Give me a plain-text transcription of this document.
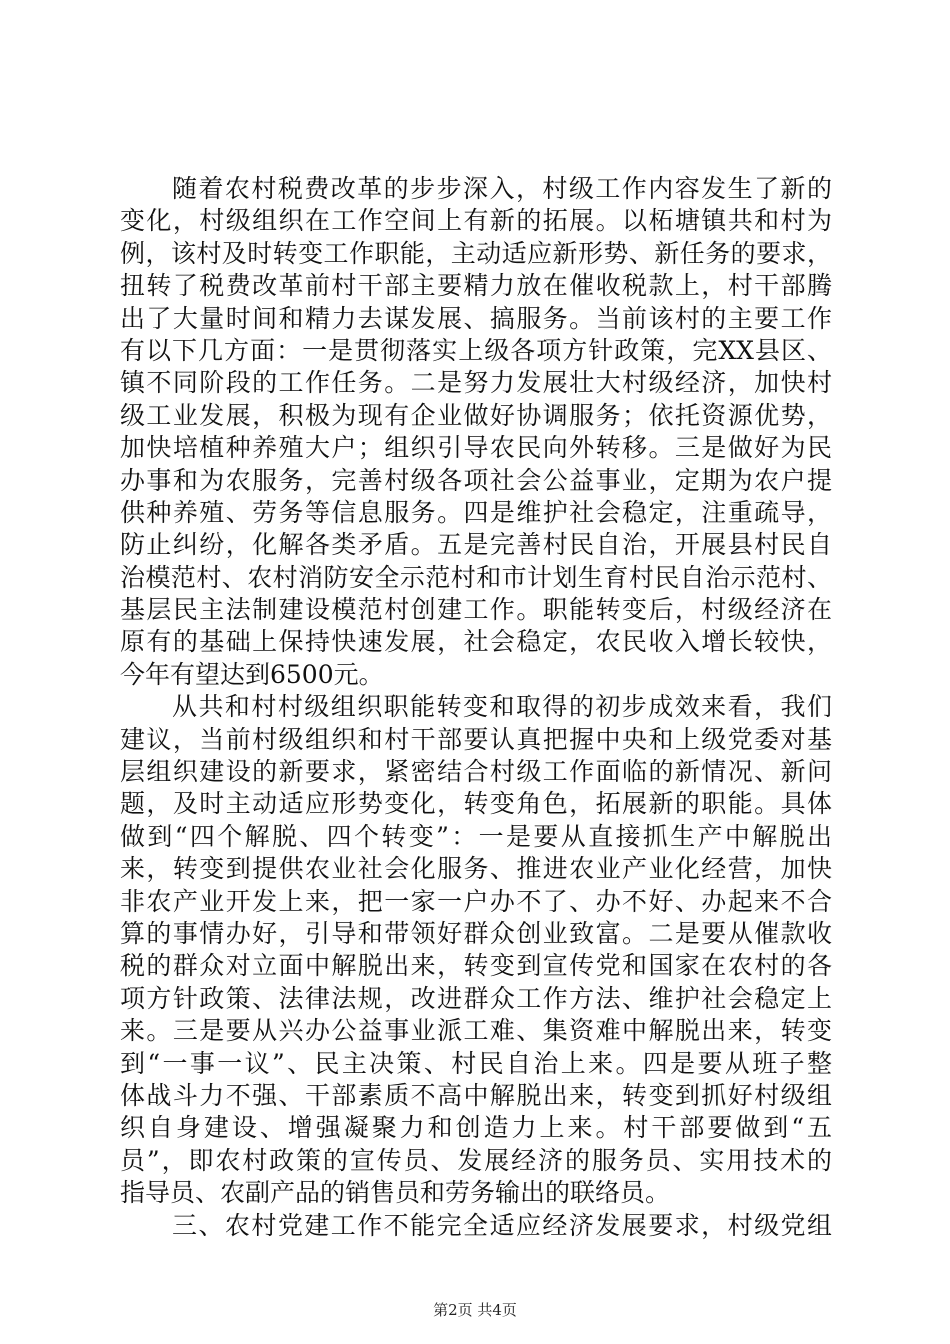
随着农村税费改革的步步深入，村级工作内容发生了新的
变化，村级组织在工作空间上有新的拓展。以柘塘镇共和村为
例，该村及时转变工作职能，主动适应新形势、新任务的要求，
扭转了税费改革前村干部主要精力放在催收税款上，村干部腾
出了大量时间和精力去谋发展、搞服务。当前该村的主要工作
有以下几方面：一是贯彻落实上级各项方针政策，完XX县区、
镇不同阶段的工作任务。二是努力发展壮大村级经济，加快村
级工业发展，积极为现有企业做好协调服务；依托资源优势，
加快培植种养殖大户；组织引导农民向外转移。三是做好为民
办事和为农服务，完善村级各项社会公益事业，定期为农户提
供种养殖、劳务等信息服务。四是维护社会稳定，注重疏导，
防止纠纷，化解各类矛盾。五是完善村民自治，开展县村民自
治模范村、农村消防安全示范村和市计划生育村民自治示范村、
基层民主法制建设模范村创建工作。职能转变后，村级经济在
原有的基础上保持快速发展，社会稳定，农民收入增长较快，
今年有望达到6500元。
从共和村村级组织职能转变和取得的初步成效来看，我们
建议，当前村级组织和村干部要认真把握中央和上级党委对基
层组织建设的新要求，紧密结合村级工作面临的新情况、新问
题，及时主动适应形势变化，转变角色，拓展新的职能。具体
做到“四个解脱、四个转变”：一是要从直接抓生产中解脱出
来，转变到提供农业社会化服务、推进农业产业化经营，加快
非农产业开发上来，把一家一户办不了、办不好、办起来不合
算的事情办好，引导和带领好群众创业致富。二是要从催款收
税的群众对立面中解脱出来，转变到宣传党和国家在农村的各
项方针政策、法律法规，改进群众工作方法、维护社会稳定上
来。三是要从兴办公益事业派工难、集资难中解脱出来，转变
到“一事一议”、民主决策、村民自治上来。四是要从班子整
体战斗力不强、干部素质不高中解脱出来，转变到抓好村级组
织自身建设、增强凝聚力和创造力上来。村干部要做到“五
员”，即农村政策的宣传员、发展经济的服务员、实用技术的
指导员、农副产品的销售员和劳务输出的联络员。
三、农村党建工作不能完全适应经济发展要求，村级党组
第2页 共4页
